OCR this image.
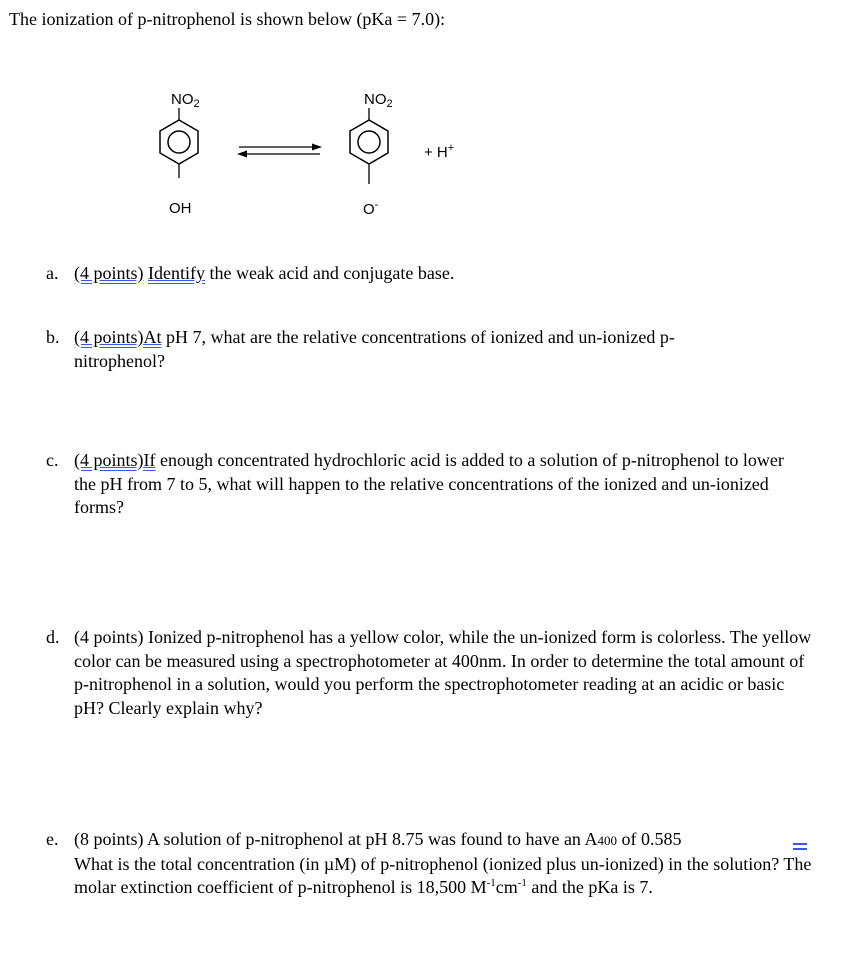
The ionization of p-nitrophenol is shown below (pKa = 7.0):
$NO_2$
OH
$NO_2$
O-
+ H+
a. (4 points) Identify the weak acid and conjugate base.
b. (4 points)At pH 7, what are the relative concentrations of ionized and un-ionized p-nitrophenol?
c. (4 points)If enough concentrated hydrochloric acid is added to a solution of p-nitrophenol to lower the pH from 7 to 5, what will happen to the relative concentrations of the ionized and un-ionized forms?
d. (4 points) Ionized p-nitrophenol has a yellow color, while the un-ionized form is colorless. The yellow color can be measured using a spectrophotometer at 400nm. In order to determine the total amount of p-nitrophenol in a solution, would you perform the spectrophotometer reading at an acidic or basic pH? Clearly explain why?
e. (8 points) A solution of p-nitrophenol at pH 8.75 was found to have an A400 of 0.585
What is the total concentration (in µM) of p-nitrophenol (ionized plus un-ionized) in the solution? The molar extinction coefficient of p-nitrophenol is 18,500 $M^{-1}cm^{-1}$ and the pKa is 7.
